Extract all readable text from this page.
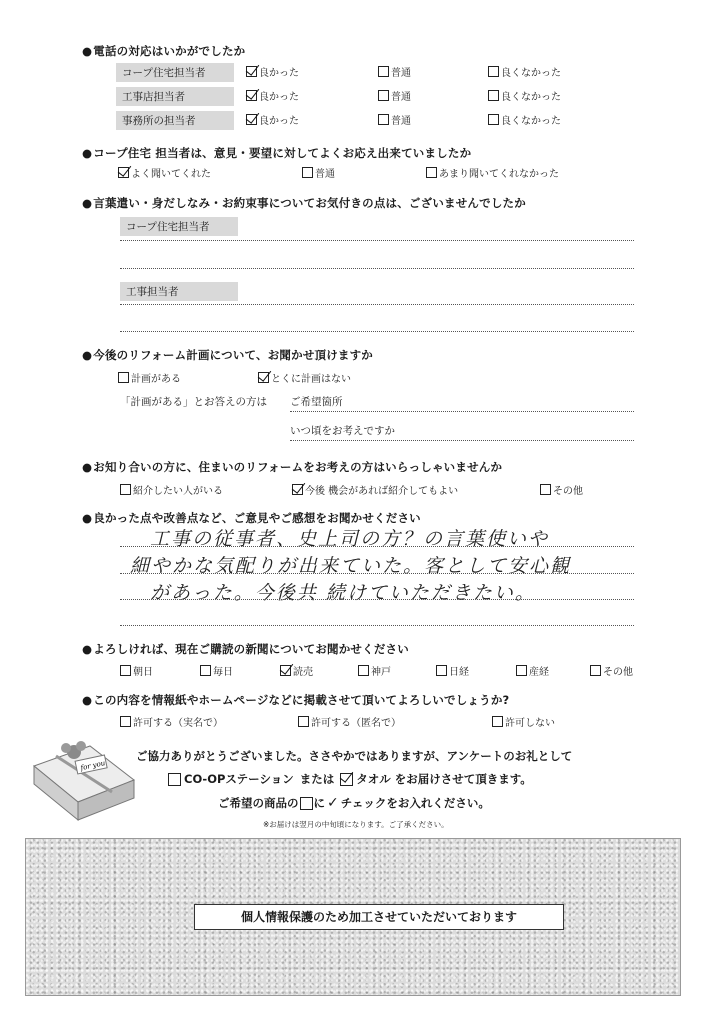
● 電話の対応はいかがでしたか
コープ住宅担当者	良かった	普通	良くなかった
工事店担当者	良かった	普通	良くなかった
事務所の担当者	良かった	普通	良くなかった
● コープ住宅 担当者は、意見・要望に対してよくお応え出来ていましたか
よく聞いてくれた	普通	あまり聞いてくれなかった
● 言葉遣い・身だしなみ・お約束事についてお気付きの点は、ございませんでしたか
コープ住宅担当者
工事担当者
● 今後のリフォーム計画について、お聞かせ頂けますか
計画がある	とくに計画はない
「計画がある」とお答えの方は ご希望箇所
いつ頃をお考えですか
● お知り合いの方に、住まいのリフォームをお考えの方はいらっしゃいませんか
紹介したい人がいる	今後 機会があれば紹介してもよい	その他
● 良かった点や改善点など、ご意見やご感想をお聞かせください
工事の従事者、史上司の方？の言葉使いや
細やかな気配りが出来ていた。客として安心観
があった。今後共 続けていただきたい。
● よろしければ、現在ご購読の新聞についてお聞かせください
朝日	毎日	読売	神戸	日経	産経	その他
● この内容を情報紙やホームページなどに掲載させて頂いてよろしいでしょうか?
許可する（実名で）	許可する（匿名で）	許可しない
for you
ご協力ありがとうございました。ささやかではありますが、アンケートのお礼として
CO-OPステーション または タオル をお届けさせて頂きます。
ご希望の商品の に ✓ チェックをお入れください。
※お届けは翌月の中旬頃になります。ご了承ください。
個人情報保護のため加工させていただいております
